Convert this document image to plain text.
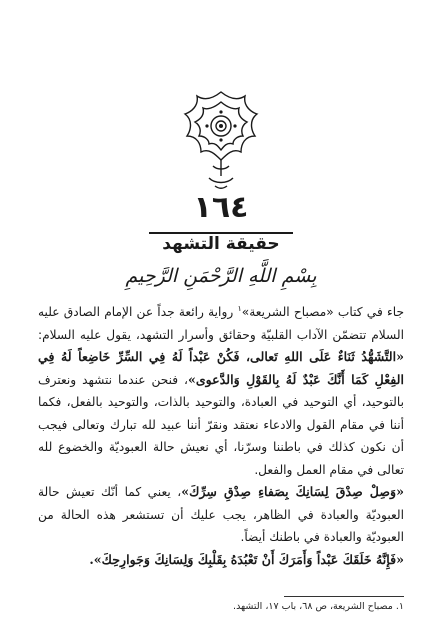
١٦٤
حقيقة التشهد
بِسْمِ اللَّهِ الرَّحْمَنِ الرَّحِيمِ

جاء في كتاب «مصباح الشريعة»$^١$ رواية رائعة جداً عن الإمام الصادق عليه السلام تتضمّن الآداب القلبيّة وحقائق وأسرار التشهد، يقول عليه السلام: «التَّشَهُّدُ ثَنَاءٌ عَلَى اللهِ تَعالى، فَكُنْ عَبْداً لَهُ فِي السِّرِّ خَاضِعاً لَهُ فِي الفِعْلِ كَمَا أَنَّكَ عَبْدٌ لَهُ بِالقَوْلِ وَالدَّعوى»، فنحن عندما نتشهد ونعترف بالتوحيد، أي التوحيد في العبادة، والتوحيد بالذات، والتوحيد بالفعل، فكما أننا في مقام القول والادعاء نعتقد ونقرّ أننا عبيد لله تبارك وتعالى فيجب أن نكون كذلك في باطننا وسرّنا، أي نعيش حالة العبوديّة والخضوع لله تعالى في مقام العمل والفعل.

«وَصِلْ صِدْقَ لِسَانِكَ بِصَفاءِ صِدْقِ سِرِّكَ»، يعني كما أنّك تعيش حالة العبوديّة والعبادة في الظاهر، يجب عليك أن تستشعر هذه الحالة من العبوديّة والعبادة في باطنك أيضاً.

«فَإِنَّهُ خَلَقَكَ عَبْداً وَأَمَرَكَ أَنْ تَعْبُدَهُ بِقَلْبِكَ وَلِسَانِكَ وَجَوارِحِكَ».

١. مصباح الشريعة، ص ٦٨، باب ١٧، التشهد.
